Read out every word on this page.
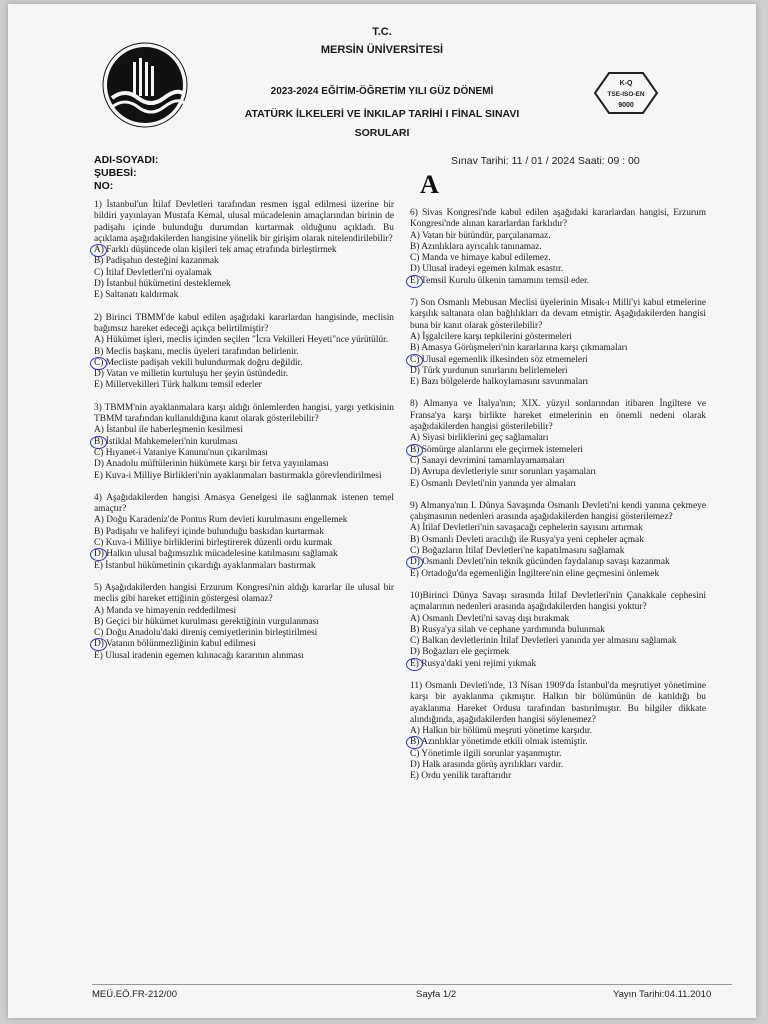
K-Q
TSE-ISO-EN
9000
T.C.
MERSİN ÜNİVERSİTESİ
2023-2024 EĞİTİM-ÖĞRETİM YILI GÜZ DÖNEMİ
ATATÜRK İLKELERİ VE İNKILAP TARİHİ I FİNAL SINAVI
SORULARI
ADI-SOYADI:
ŞUBESİ:
NO:
Sınav Tarihi: 11 / 01 / 2024 Saati: 09 : 00
A
1) İstanbul'un İtilaf Devletleri tarafından resmen işgal edilmesi üzerine bir bildiri yayınlayan Mustafa Kemal, ulusal mücadelenin amaçlarından birinin de padişahı içinde bulunduğu durumdan kurtarmak olduğunu açıkladı. Bu açıklama aşağıdakilerden hangisine yönelik bir girişim olarak nitelendirilebilir?
A) Farklı düşüncede olan kişileri tek amaç etrafında birleştirmek
B) Padişahın desteğini kazanmak
C) İtilaf Devletleri'ni oyalamak
D) İstanbul hükümetini desteklemek
E) Saltanatı kaldırmak
2) Birinci TBMM'de kabul edilen aşağıdaki kararlardan hangisinde, meclisin bağımsız hareket edeceği açıkça belirtilmiştir?
A) Hükümet işleri, meclis içinden seçilen "İcra Vekilleri Heyeti"nce yürütülür.
B) Meclis başkanı, meclis üyeleri tarafından belirlenir.
C) Mecliste padişah vekili bulundurmak doğru değildir.
D) Vatan ve milletin kurtuluşu her şeyin üstündedir.
E) Milletvekilleri Türk halkını temsil ederler
3) TBMM'nin ayaklanmalara karşı aldığı önlemlerden hangisi, yargı yetkisinin TBMM tarafından kullanıldığına kanıt olarak gösterilebilir?
A) İstanbul ile haberleşmenin kesilmesi
B) İstiklal Mahkemeleri'nin kurulması
C) Hıyanet-i Vataniye Kanunu'nun çıkarılması
D) Anadolu müftülerinin hükümete karşı bir fetva yayınlaması
E) Kuva-i Milliye Birlikleri'nin ayaklanmaları bastırmakla görevlendirilmesi
4) Aşağıdakilerden hangisi Amasya Genelgesi ile sağlanmak istenen temel amaçtır?
A) Doğu Karadeniz'de Pontus Rum devleti kurulmasını engellemek
B) Padişahı ve halifeyi içinde bulunduğu baskıdan kurtarmak
C) Kuva-i Milliye birliklerini birleştirerek düzenli ordu kurmak
D) Halkın ulusal bağımsızlık mücadelesine katılmasını sağlamak
E) İstanbul hükümetinin çıkardığı ayaklanmaları bastırmak
5) Aşağıdakilerden hangisi Erzurum Kongresi'nin aldığı kararlar ile ulusal bir meclis gibi hareket ettiğinin göstergesi olamaz?
A) Manda ve himayenin reddedilmesi
B) Geçici bir hükümet kurulması gerektiğinin vurgulanması
C) Doğu Anadolu'daki direniş cemiyetlerinin birleştirilmesi
D) Vatanın bölünmezliğinin kabul edilmesi
E) Ulusal iradenin egemen kılınacağı kararının alınması
6) Sivas Kongresi'nde kabul edilen aşağıdaki kararlardan hangisi, Erzurum Kongresi'nde alınan kararlardan farklıdır?
A) Vatan bir bütündür, parçalanamaz.
B) Azınlıklara ayrıcalık tanınamaz.
C) Manda ve himaye kabul edilemez.
D) Ulusal iradeyi egemen kılmak esastır.
E) Temsil Kurulu ülkenin tamamını temsil eder.
7) Son Osmanlı Mebusan Meclisi üyelerinin Misak-ı Milli'yi kabul etmelerine karşılık saltanata olan bağlılıkları da devam etmiştir. Aşağıdakilerden hangisi buna bir kanıt olarak gösterilebilir?
A) İşgalcilere karşı tepkilerini göstermeleri
B) Amasya Görüşmeleri'nin kararlarına karşı çıkmamaları
C) Ulusal egemenlik ilkesinden söz etmemeleri
D) Türk yurdunun sınırlarını belirlemeleri
E) Bazı bölgelerde halkoylamasını savunmaları
8) Almanya ve İtalya'nın; XIX. yüzyıl sonlarından itibaren İngiltere ve Fransa'ya karşı birlikte hareket etmelerinin en önemli nedeni olarak aşağıdakilerden hangisi gösterilebilir?
A) Siyasi birliklerini geç sağlamaları
B) Sömürge alanlarını ele geçirmek istemeleri
C) Sanayi devrimini tamamlayamamaları
D) Avrupa devletleriyle sınır sorunları yaşamaları
E) Osmanlı Devleti'nin yanında yer almaları
9) Almanya'nın I. Dünya Savaşında Osmanlı Devleti'ni kendi yanına çekmeye çalışmasının nedenleri arasında aşağıdakilerden hangisi gösterilemez?
A) İtilaf Devletleri'nin savaşacağı cephelerin sayısını artırmak
B) Osmanlı Devleti aracılığı ile Rusya'ya yeni cepheler açmak
C) Boğazların İtilaf Devletleri'ne kapatılmasını sağlamak
D) Osmanlı Devleti'nin teknik gücünden faydalanıp savaşı kazanmak
E) Ortadoğu'da egemenliğin İngiltere'nin eline geçmesini önlemek
10)Birinci Dünya Savaşı sırasında İtilaf Devletleri'nin Çanakkale cephesini açmalarının nedenleri arasında aşağıdakilerden hangisi yoktur?
A) Osmanlı Devleti'ni savaş dışı bırakmak
B) Rusya'ya silah ve cephane yardımında bulunmak
C) Balkan devletlerinin İtilaf Devletleri yanında yer almasını sağlamak
D) Boğazları ele geçirmek
E) Rusya'daki yeni rejimi yıkmak
11) Osmanlı Devleti'nde, 13 Nisan 1909'da İstanbul'da meşrutiyet yönetimine karşı bir ayaklanma çıkmıştır. Halkın bir bölümünün de katıldığı bu ayaklanma Hareket Ordusu tarafından bastırılmıştır. Bu bilgiler dikkate alındığında, aşağıdakilerden hangisi söylenemez?
A) Halkın bir bölümü meşruti yönetime karşıdır.
B) Azınlıklar yönetimde etkili olmak istemiştir.
C) Yönetimle ilgili sorunlar yaşanmıştır.
D) Halk arasında görüş ayrılıkları vardır.
E) Ordu yenilik taraftarıdır
MEÜ.EÖ.FR-212/00	Sayfa 1/2	Yayın Tarihi:04.11.2010
